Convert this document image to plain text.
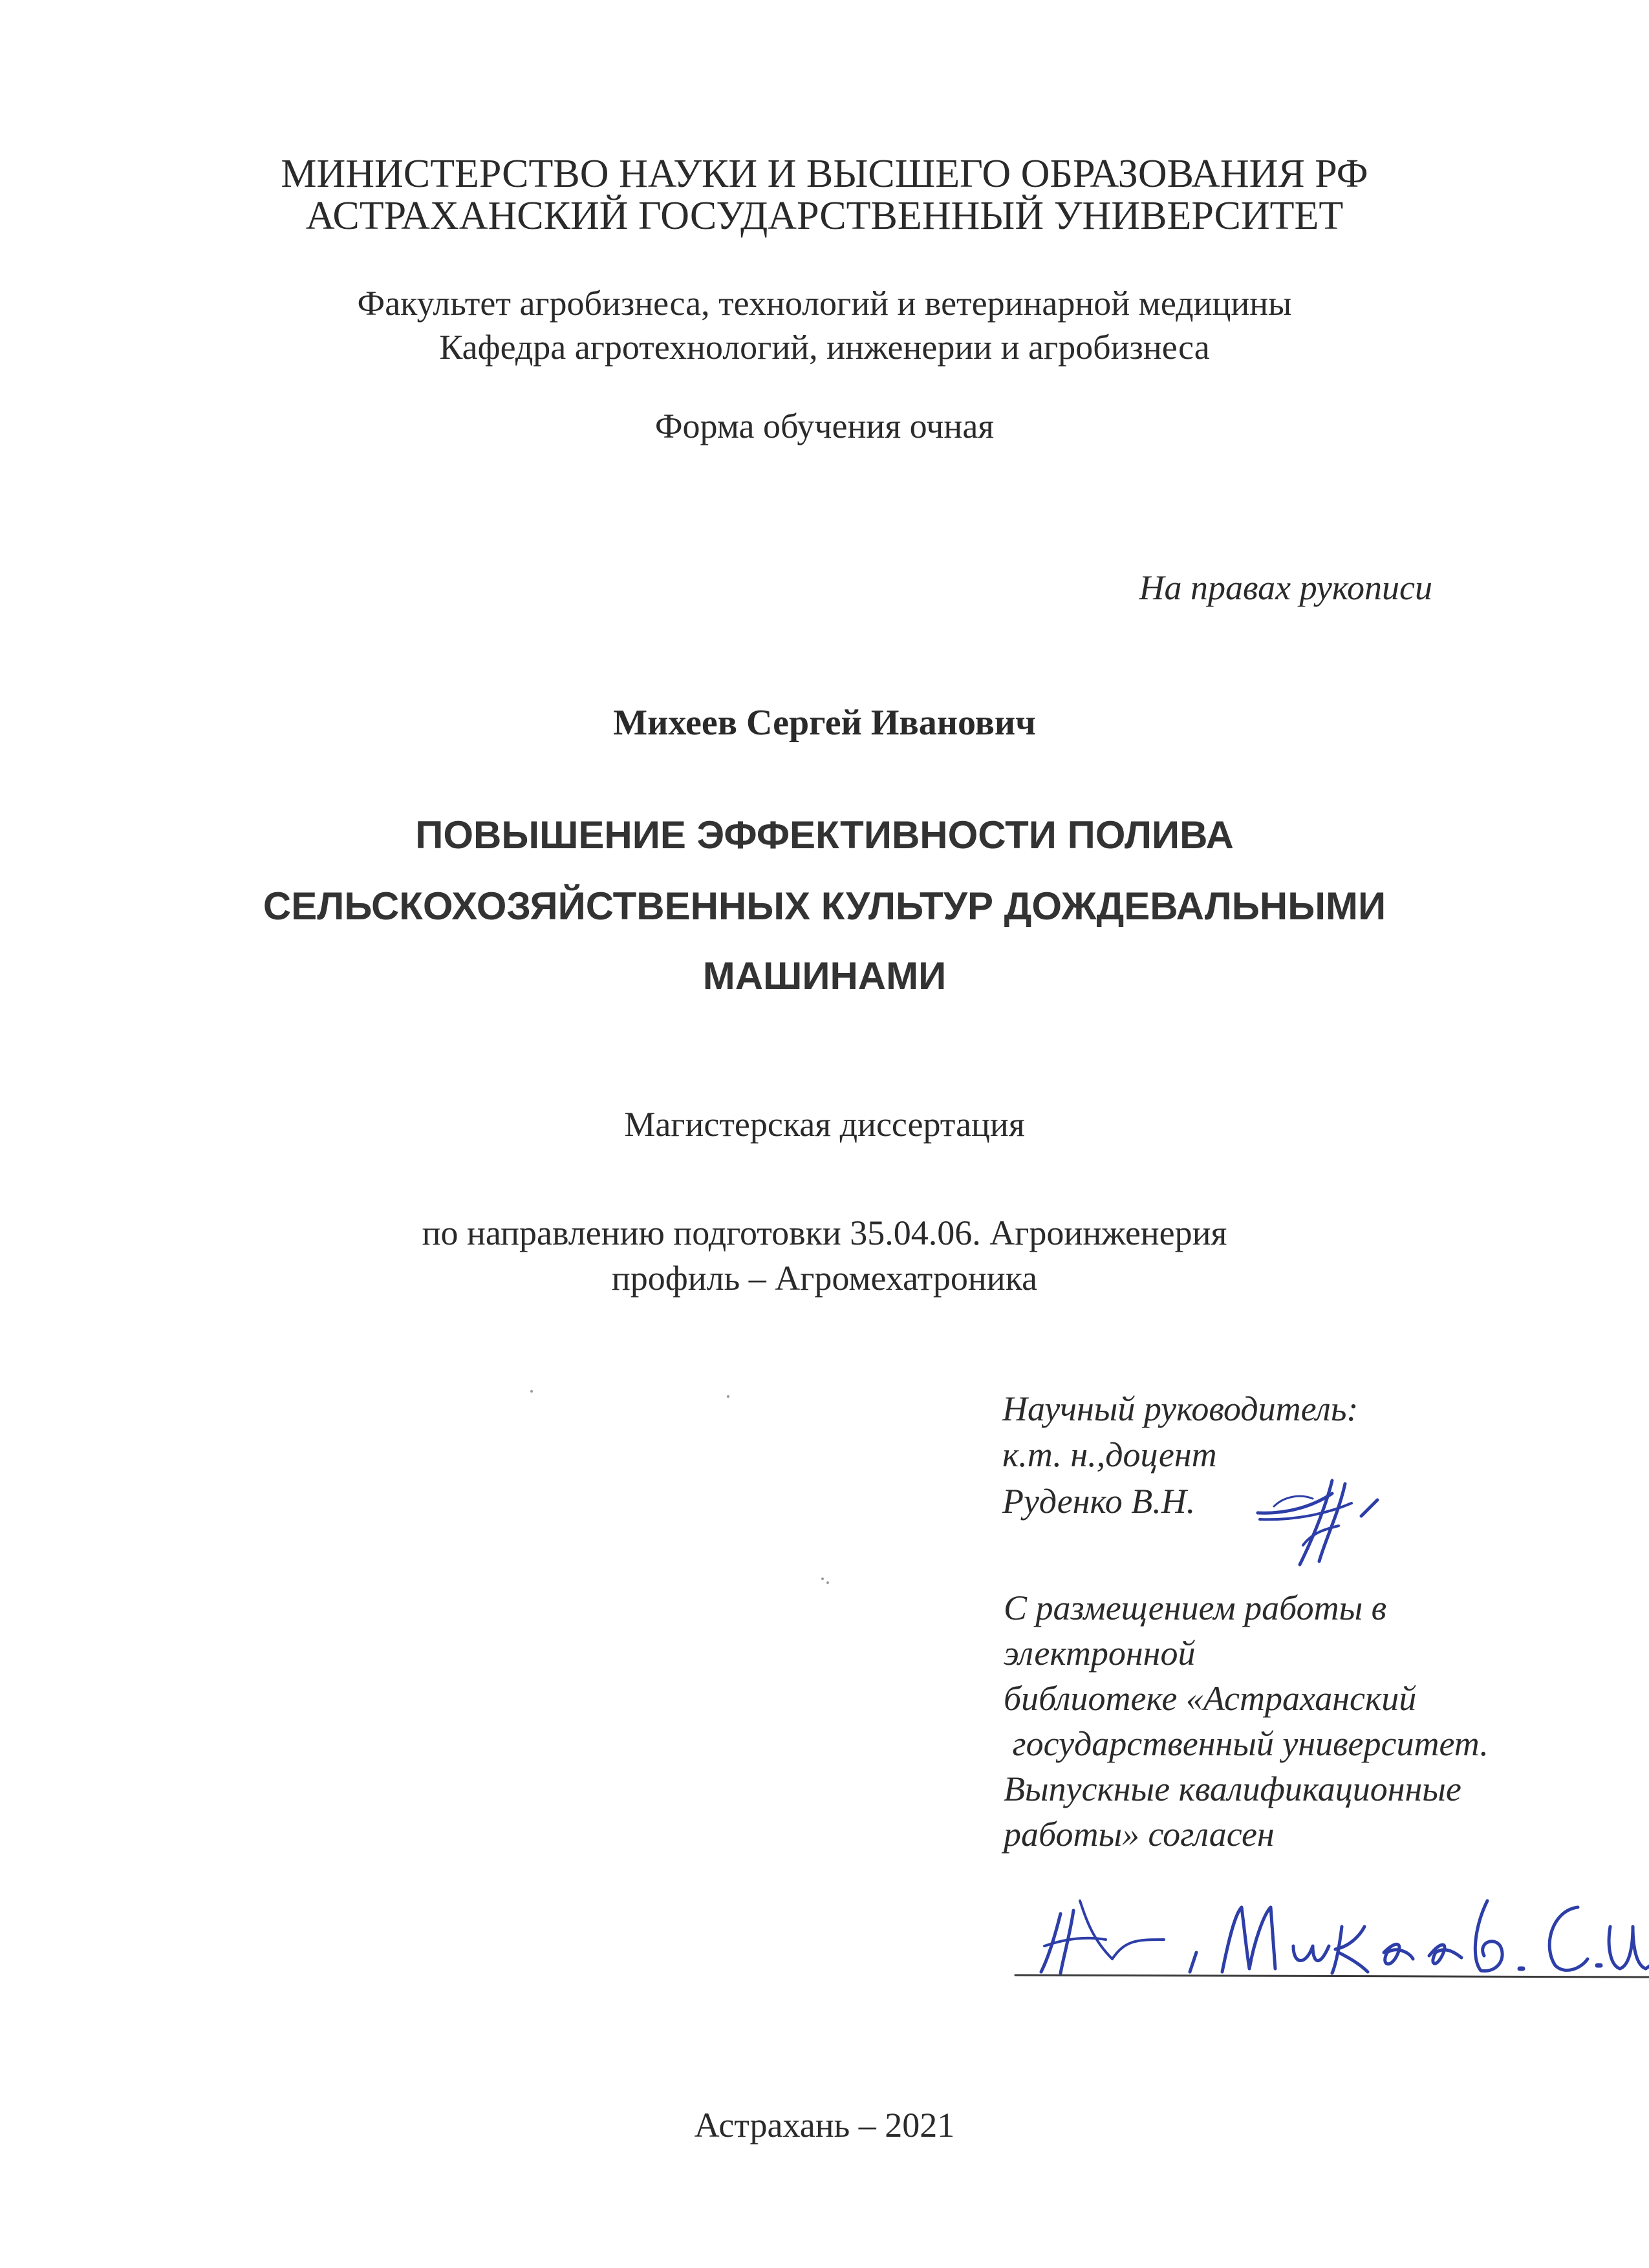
МИНИСТЕРСТВО НАУКИ И ВЫСШЕГО ОБРАЗОВАНИЯ РФ
АСТРАХАНСКИЙ ГОСУДАРСТВЕННЫЙ УНИВЕРСИТЕТ
Факультет агробизнеса, технологий и ветеринарной медицины
Кафедра агротехнологий, инженерии и агробизнеса
Форма обучения очная
На правах рукописи
Михеев Сергей Иванович
ПОВЫШЕНИЕ ЭФФЕКТИВНОСТИ ПОЛИВА
СЕЛЬСКОХОЗЯЙСТВЕННЫХ КУЛЬТУР ДОЖДЕВАЛЬНЫМИ
МАШИНАМИ
Магистерская диссертация
по направлению подготовки 35.04.06. Агроинженерия
профиль – Агромехатроника
Научный руководитель:
к.т. н.,доцент
Руденко В.Н.
С размещением работы в
электронной
библиотеке «Астраханский
государственный университет.
Выпускные квалификационные
работы» согласен
Астрахань – 2021
